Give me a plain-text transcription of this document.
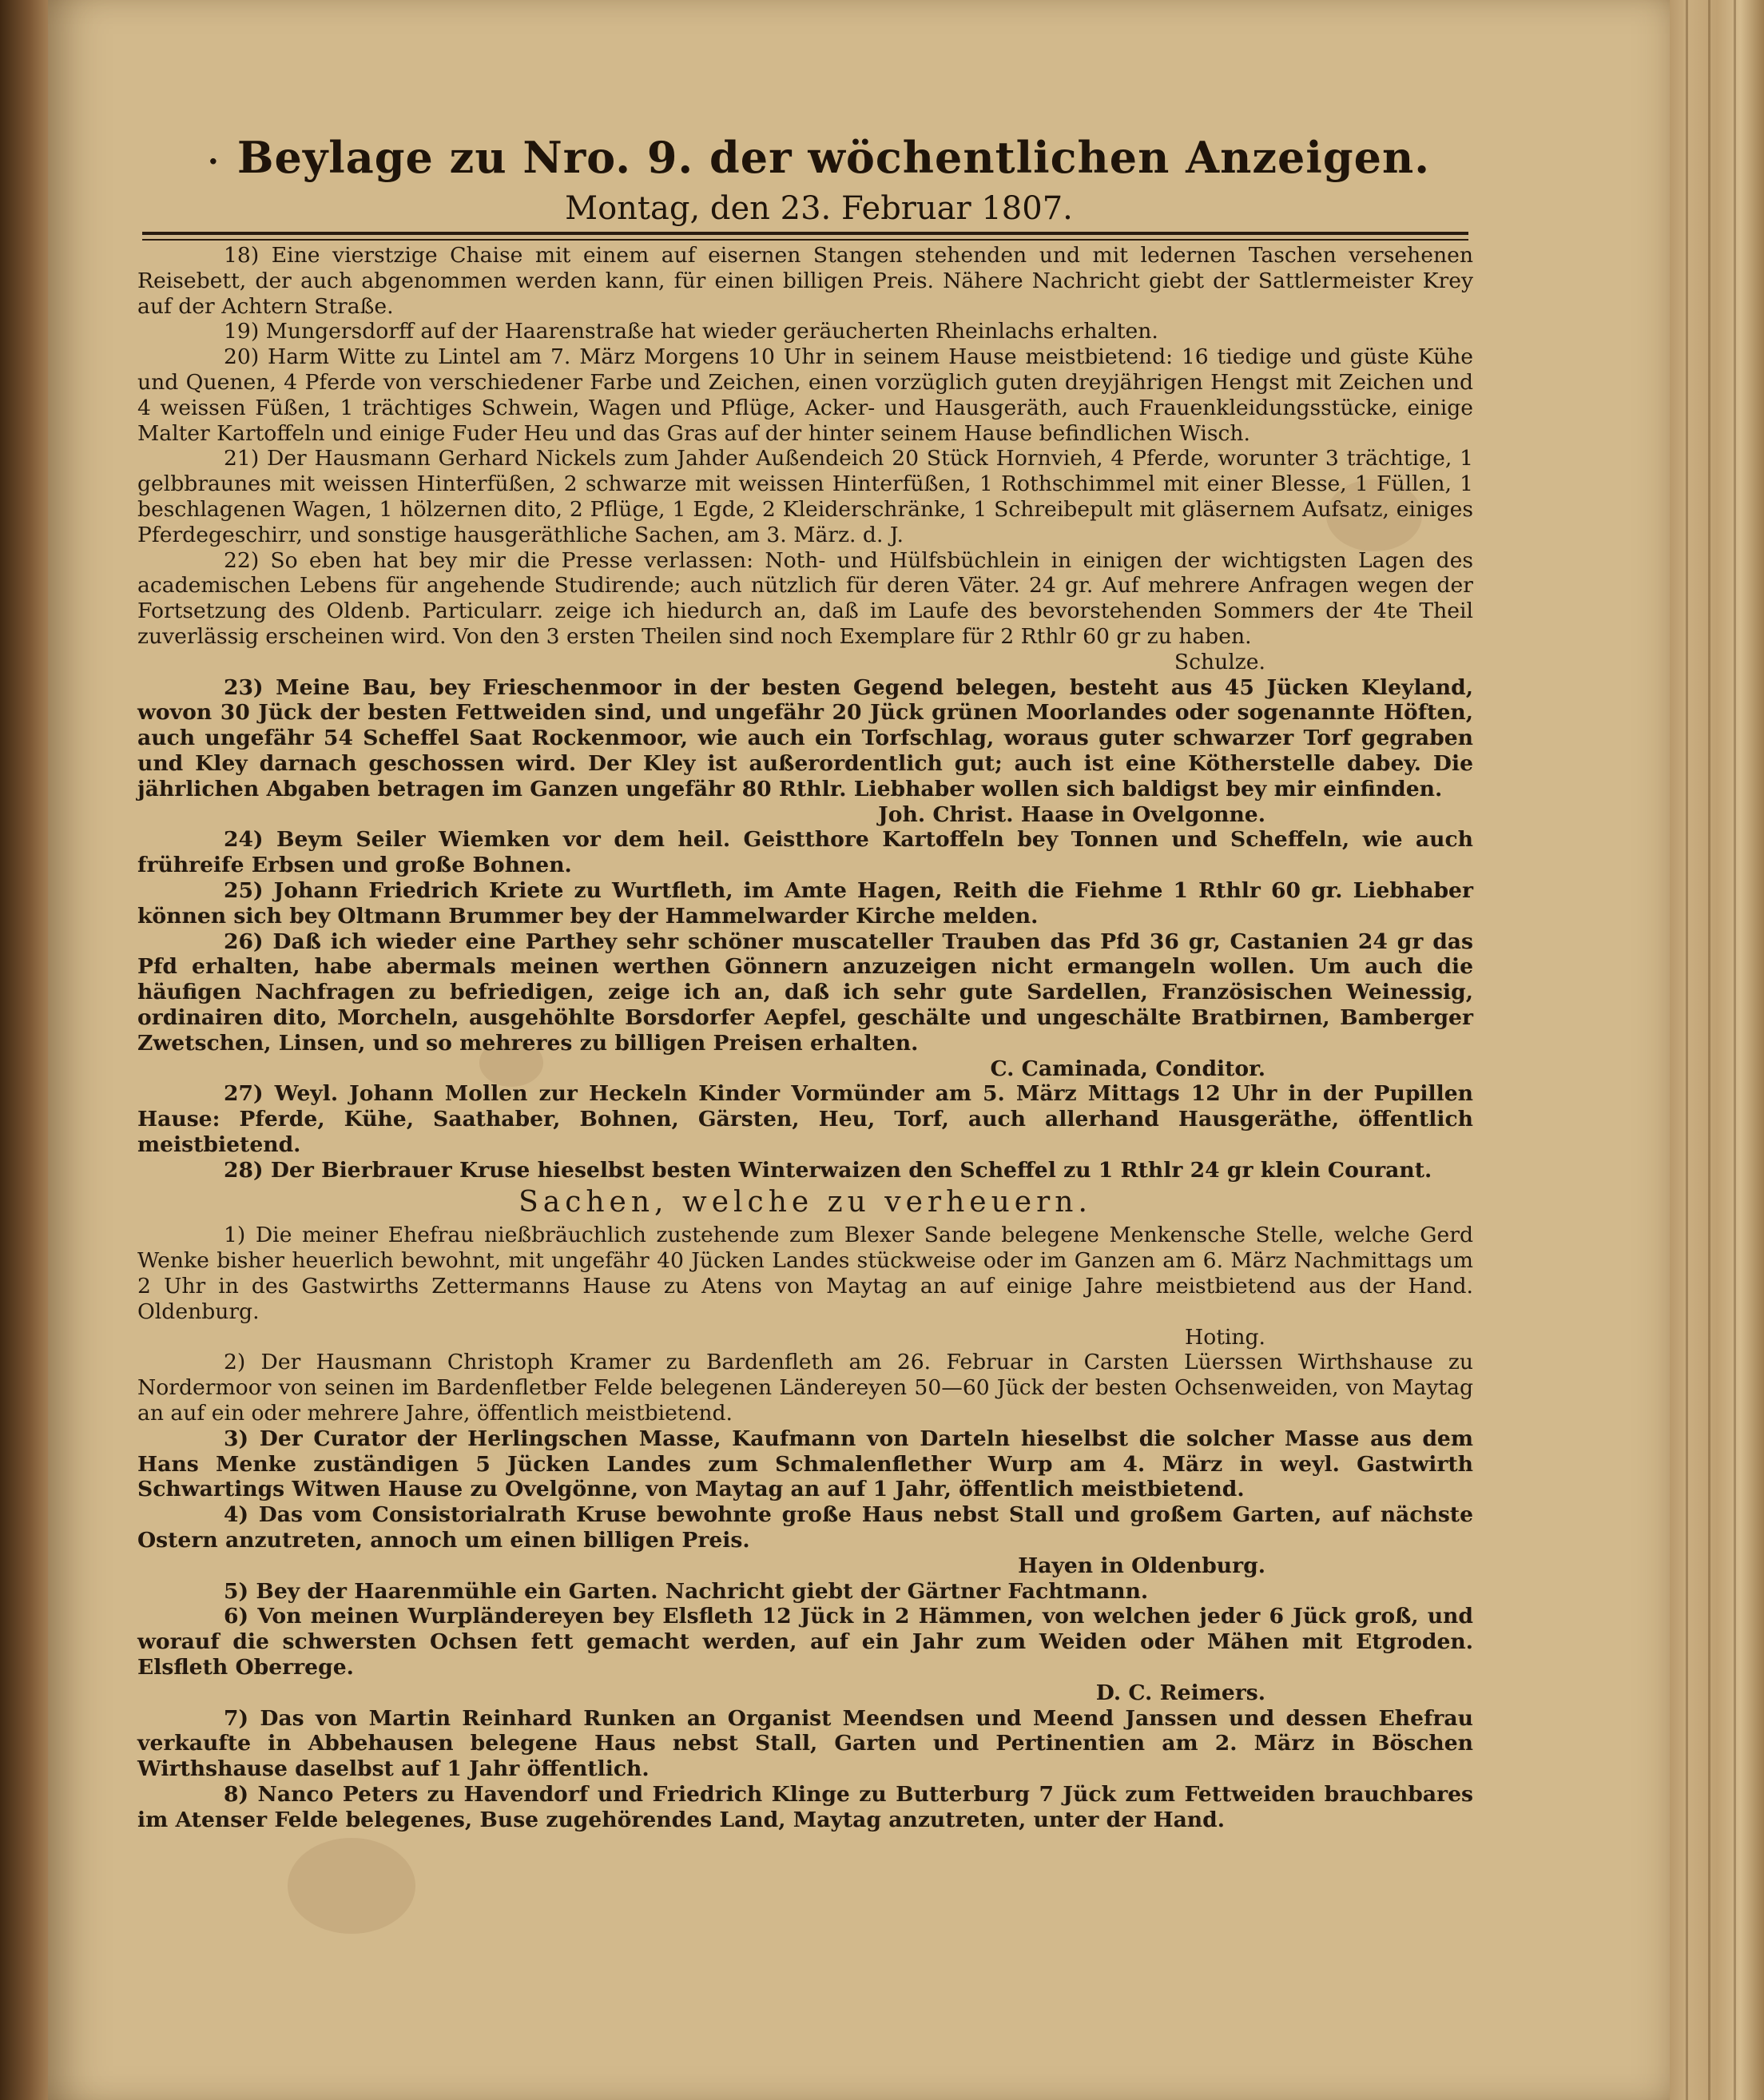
· Beylage zu Nro. 9. der wöchentlichen Anzeigen.
Montag, den 23. Februar 1807.

18) Eine vierstzige Chaise mit einem auf eisernen Stangen stehenden und mit ledernen Taschen versehenen Reisebett, der auch abgenommen werden kann, für einen billigen Preis. Nähere Nachricht giebt der Sattlermeister Krey auf der Achtern Straße.

19) Mungersdorff auf der Haarenstraße hat wieder geräucherten Rheinlachs erhalten.

20) Harm Witte zu Lintel am 7. März Morgens 10 Uhr in seinem Hause meistbietend: 16 tiedige und güste Kühe und Quenen, 4 Pferde von verschiedener Farbe und Zeichen, einen vorzüglich guten dreyjährigen Hengst mit Zeichen und 4 weissen Füßen, 1 trächtiges Schwein, Wagen und Pflüge, Acker- und Hausgeräth, auch Frauenkleidungsstücke, einige Malter Kartoffeln und einige Fuder Heu und das Gras auf der hinter seinem Hause befindlichen Wisch.

21) Der Hausmann Gerhard Nickels zum Jahder Außendeich 20 Stück Hornvieh, 4 Pferde, worunter 3 trächtige, 1 gelbbraunes mit weissen Hinterfüßen, 2 schwarze mit weissen Hinterfüßen, 1 Rothschimmel mit einer Blesse, 1 Füllen, 1 beschlagenen Wagen, 1 hölzernen dito, 2 Pflüge, 1 Egde, 2 Kleiderschränke, 1 Schreibepult mit gläsernem Aufsatz, einiges Pferdegeschirr, und sonstige hausgeräthliche Sachen, am 3. März. d. J.

22) So eben hat bey mir die Presse verlassen: Noth- und Hülfsbüchlein in einigen der wichtigsten Lagen des academischen Lebens für angehende Studirende; auch nützlich für deren Väter. 24 gr. Auf mehrere Anfragen wegen der Fortsetzung des Oldenb. Particularr. zeige ich hiedurch an, daß im Laufe des bevorstehenden Sommers der 4te Theil zuverlässig erscheinen wird. Von den 3 ersten Theilen sind noch Exemplare für 2 Rthlr 60 gr zu haben.
Schulze.

23) Meine Bau, bey Frieschenmoor in der besten Gegend belegen, besteht aus 45 Jücken Kleyland, wovon 30 Jück der besten Fettweiden sind, und ungefähr 20 Jück grünen Moorlandes oder sogenannte Höften, auch ungefähr 54 Scheffel Saat Rockenmoor, wie auch ein Torfschlag, woraus guter schwarzer Torf gegraben und Kley darnach geschossen wird. Der Kley ist außerordentlich gut; auch ist eine Kötherstelle dabey. Die jährlichen Abgaben betragen im Ganzen ungefähr 80 Rthlr. Liebhaber wollen sich baldigst bey mir einfinden.
Joh. Christ. Haase in Ovelgonne.

24) Beym Seiler Wiemken vor dem heil. Geistthore Kartoffeln bey Tonnen und Scheffeln, wie auch frühreife Erbsen und große Bohnen.

25) Johann Friedrich Kriete zu Wurtfleth, im Amte Hagen, Reith die Fiehme 1 Rthlr 60 gr. Liebhaber können sich bey Oltmann Brummer bey der Hammelwarder Kirche melden.

26) Daß ich wieder eine Parthey sehr schöner muscateller Trauben das Pfd 36 gr, Castanien 24 gr das Pfd erhalten, habe abermals meinen werthen Gönnern anzuzeigen nicht ermangeln wollen. Um auch die häufigen Nachfragen zu befriedigen, zeige ich an, daß ich sehr gute Sardellen, Französischen Weinessig, ordinairen dito, Morcheln, ausgehöhlte Borsdorfer Aepfel, geschälte und ungeschälte Bratbirnen, Bamberger Zwetschen, Linsen, und so mehreres zu billigen Preisen erhalten.
C. Caminada, Conditor.

27) Weyl. Johann Mollen zur Heckeln Kinder Vormünder am 5. März Mittags 12 Uhr in der Pupillen Hause: Pferde, Kühe, Saathaber, Bohnen, Gärsten, Heu, Torf, auch allerhand Hausgeräthe, öffentlich meistbietend.

28) Der Bierbrauer Kruse hieselbst besten Winterwaizen den Scheffel zu 1 Rthlr 24 gr klein Courant.

Sachen, welche zu verheuern.

1) Die meiner Ehefrau nießbräuchlich zustehende zum Blexer Sande belegene Menkensche Stelle, welche Gerd Wenke bisher heuerlich bewohnt, mit ungefähr 40 Jücken Landes stückweise oder im Ganzen am 6. März Nachmittags um 2 Uhr in des Gastwirths Zettermanns Hause zu Atens von Maytag an auf einige Jahre meistbietend aus der Hand. Oldenburg.
Hoting.

2) Der Hausmann Christoph Kramer zu Bardenfleth am 26. Februar in Carsten Lüerssen Wirthshause zu Nordermoor von seinen im Bardenfletber Felde belegenen Ländereyen 50—60 Jück der besten Ochsenweiden, von Maytag an auf ein oder mehrere Jahre, öffentlich meistbietend.

3) Der Curator der Herlingschen Masse, Kaufmann von Darteln hieselbst die solcher Masse aus dem Hans Menke zuständigen 5 Jücken Landes zum Schmalenflether Wurp am 4. März in weyl. Gastwirth Schwartings Witwen Hause zu Ovelgönne, von Maytag an auf 1 Jahr, öffentlich meistbietend.

4) Das vom Consistorialrath Kruse bewohnte große Haus nebst Stall und großem Garten, auf nächste Ostern anzutreten, annoch um einen billigen Preis.
Hayen in Oldenburg.

5) Bey der Haarenmühle ein Garten. Nachricht giebt der Gärtner Fachtmann.

6) Von meinen Wurpländereyen bey Elsfleth 12 Jück in 2 Hämmen, von welchen jeder 6 Jück groß, und worauf die schwersten Ochsen fett gemacht werden, auf ein Jahr zum Weiden oder Mähen mit Etgroden. Elsfleth Oberrege.
D. C. Reimers.

7) Das von Martin Reinhard Runken an Organist Meendsen und Meend Janssen und dessen Ehefrau verkaufte in Abbehausen belegene Haus nebst Stall, Garten und Pertinentien am 2. März in Böschen Wirthshause daselbst auf 1 Jahr öffentlich.

8) Nanco Peters zu Havendorf und Friedrich Klinge zu Butterburg 7 Jück zum Fettweiden brauchbares im Atenser Felde belegenes, Buse zugehörendes Land, Maytag anzutreten, unter der Hand.
